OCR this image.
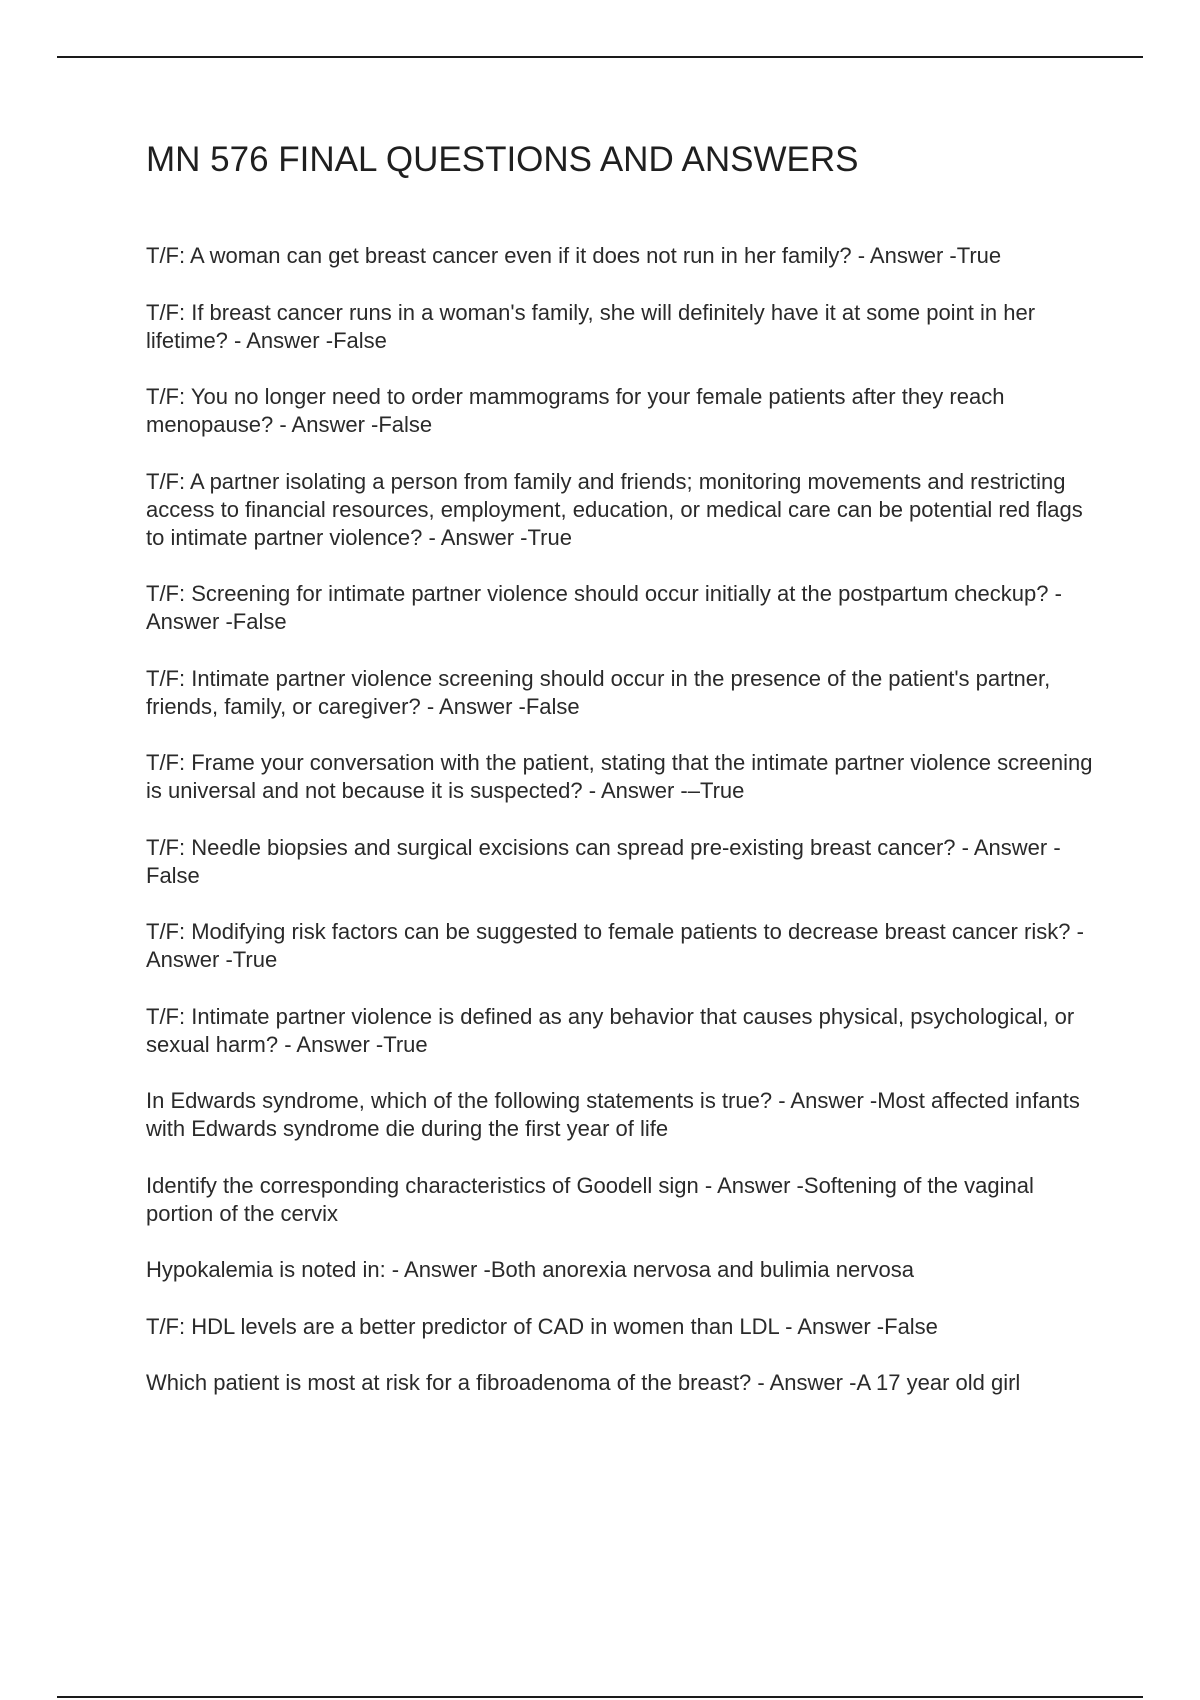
MN 576 FINAL QUESTIONS AND ANSWERS
T/F: A woman can get breast cancer even if it does not run in her family? - Answer -True
T/F: If breast cancer runs in a woman's family, she will definitely have it at some point in her lifetime? - Answer -False
T/F: You no longer need to order mammograms for your female patients after they reach menopause? - Answer -False
T/F: A partner isolating a person from family and friends; monitoring movements and restricting access to financial resources, employment, education, or medical care can be potential red flags to intimate partner violence? - Answer -True
T/F: Screening for intimate partner violence should occur initially at the postpartum checkup? - Answer -False
T/F: Intimate partner violence screening should occur in the presence of the patient's partner, friends, family, or caregiver? - Answer -False
T/F: Frame your conversation with the patient, stating that the intimate partner violence screening is universal and not because it is suspected? - Answer -–True
T/F: Needle biopsies and surgical excisions can spread pre-existing breast cancer? - Answer -False
T/F: Modifying risk factors can be suggested to female patients to decrease breast cancer risk? - Answer -True
T/F: Intimate partner violence is defined as any behavior that causes physical, psychological, or sexual harm? - Answer -True
In Edwards syndrome, which of the following statements is true? - Answer -Most affected infants with Edwards syndrome die during the first year of life
Identify the corresponding characteristics of Goodell sign - Answer -Softening of the vaginal portion of the cervix
Hypokalemia is noted in: - Answer -Both anorexia nervosa and bulimia nervosa
T/F: HDL levels are a better predictor of CAD in women than LDL - Answer -False
Which patient is most at risk for a fibroadenoma of the breast? - Answer -A 17 year old girl
